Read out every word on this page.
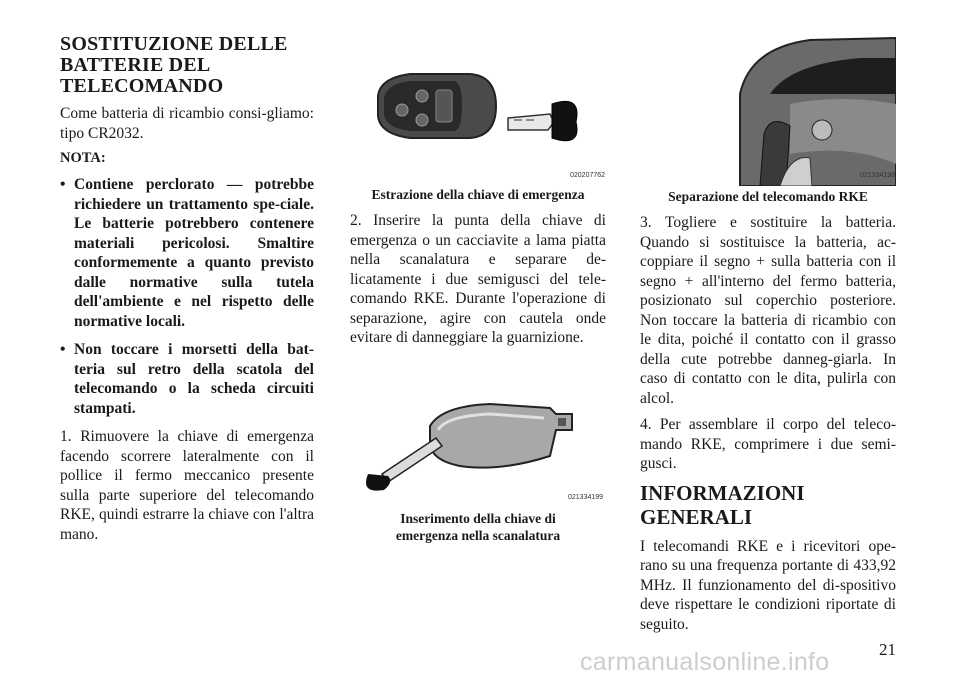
SOSTITUZIONE DELLE BATTERIE DEL TELECOMANDO

Come batteria di ricambio consi-gliamo: tipo CR2032.

NOTA:
• Contiene perclorato — potrebbe richiedere un trattamento spe-ciale. Le batterie potrebbero contenere materiali pericolosi. Smaltire conformemente a quanto previsto dalle normative sulla tutela dell'ambiente e nel rispetto delle normative locali.
• Non toccare i morsetti della bat-teria sul retro della scatola del telecomando o la scheda circuiti stampati.

1. Rimuovere la chiave di emergenza facendo scorrere lateralmente con il pollice il fermo meccanico presente sulla parte superiore del telecomando RKE, quindi estrarre la chiave con l'altra mano.

020207762
Estrazione della chiave di emergenza

2. Inserire la punta della chiave di emergenza o un cacciavite a lama piatta nella scanalatura e separare de-licatamente i due semigusci del tele-comando RKE. Durante l'operazione di separazione, agire con cautela onde evitare di danneggiare la guarnizione.

021334199
Inserimento della chiave di
emergenza nella scanalatura
021334198
Separazione del telecomando RKE

3. Togliere e sostituire la batteria. Quando si sostituisce la batteria, ac-coppiare il segno + sulla batteria con il segno + all'interno del fermo batteria, posizionato sul coperchio posteriore. Non toccare la batteria di ricambio con le dita, poiché il contatto con il grasso della cute potrebbe danneg-giarla. In caso di contatto con le dita, pulirla con alcol.

4. Per assemblare il corpo del teleco-mando RKE, comprimere i due semi-gusci.

INFORMAZIONI GENERALI

I telecomandi RKE e i ricevitori ope-rano su una frequenza portante di 433,92 MHz. Il funzionamento del di-spositivo deve rispettare le condizioni riportate di seguito.

21
carmanualsonline.info
